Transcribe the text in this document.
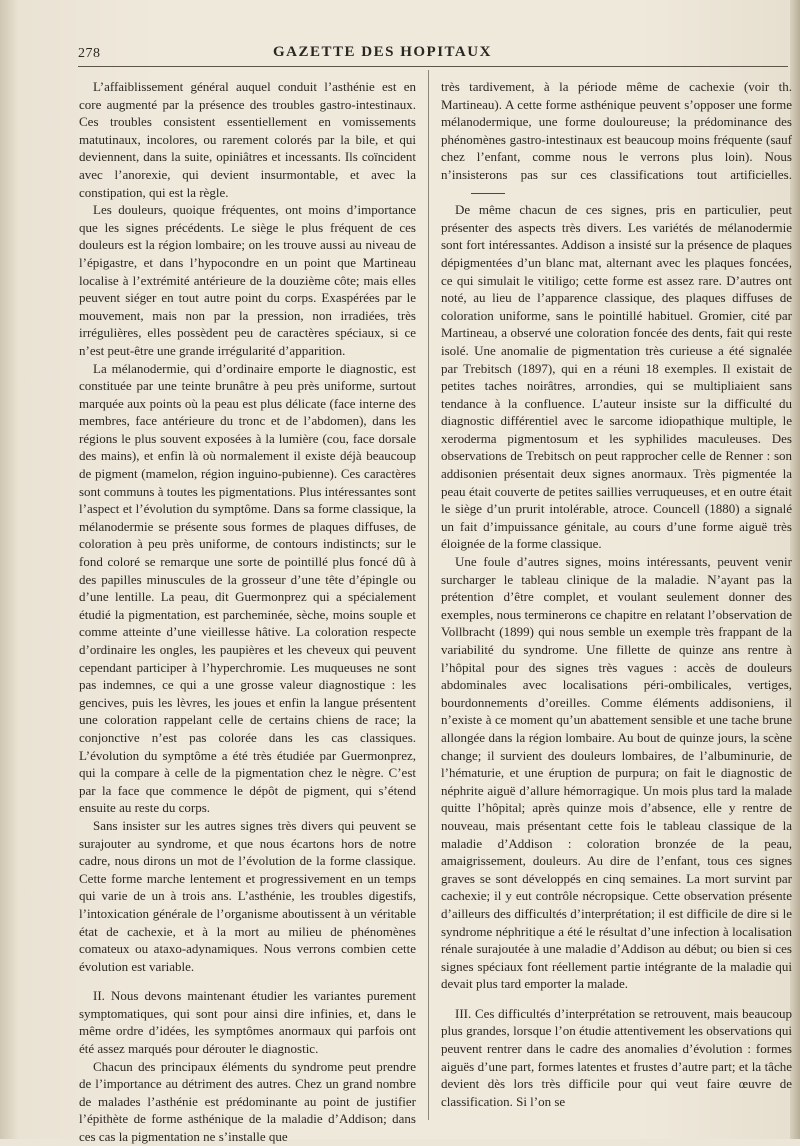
278	GAZETTE DES HOPITAUX

L’affaiblissement général auquel conduit l’asthénie est en core augmenté par la présence des troubles gastro-intestinaux. Ces troubles consistent essentiellement en vomissements matutinaux, incolores, ou rarement colorés par la bile, et qui deviennent, dans la suite, opiniâtres et incessants. Ils coïncident avec l’anorexie, qui devient insurmontable, et avec la constipation, qui est la règle.

Les douleurs, quoique fréquentes, ont moins d’importance que les signes précédents. Le siège le plus fréquent de ces douleurs est la région lombaire; on les trouve aussi au niveau de l’épigastre, et dans l’hypocondre en un point que Martineau localise à l’extrémité antérieure de la douzième côte; mais elles peuvent siéger en tout autre point du corps. Exaspérées par le mouvement, mais non par la pression, non irradiées, très irrégulières, elles possèdent peu de caractères spéciaux, si ce n’est peut-être une grande irrégularité d’apparition.

La mélanodermie, qui d’ordinaire emporte le diagnostic, est constituée par une teinte brunâtre à peu près uniforme, surtout marquée aux points où la peau est plus délicate (face interne des membres, face antérieure du tronc et de l’abdomen), dans les régions le plus souvent exposées à la lumière (cou, face dorsale des mains), et enfin là où normalement il existe déjà beaucoup de pigment (mamelon, région inguino-pubienne). Ces caractères sont communs à toutes les pigmentations. Plus intéressantes sont l’aspect et l’évolution du symptôme. Dans sa forme classique, la mélanodermie se présente sous formes de plaques diffuses, de coloration à peu près uniforme, de contours indistincts; sur le fond coloré se remarque une sorte de pointillé plus foncé dû à des papilles minuscules de la grosseur d’une tête d’épingle ou d’une lentille. La peau, dit Guermonprez qui a spécialement étudié la pigmentation, est parcheminée, sèche, moins souple et comme atteinte d’une vieillesse hâtive. La coloration respecte d’ordinaire les ongles, les paupières et les cheveux qui peuvent cependant participer à l’hyperchromie. Les muqueuses ne sont pas indemnes, ce qui a une grosse valeur diagnostique : les gencives, puis les lèvres, les joues et enfin la langue présentent une coloration rappelant celle de certains chiens de race; la conjonctive n’est pas colorée dans les cas classiques. L’évolution du symptôme a été très étudiée par Guermonprez, qui la compare à celle de la pigmentation chez le nègre. C’est par la face que commence le dépôt de pigment, qui s’étend ensuite au reste du corps.

Sans insister sur les autres signes très divers qui peuvent se surajouter au syndrome, et que nous écartons hors de notre cadre, nous dirons un mot de l’évolution de la forme classique. Cette forme marche lentement et progressivement en un temps qui varie de un à trois ans. L’asthénie, les troubles digestifs, l’intoxication générale de l’organisme aboutissent à un véritable état de cachexie, et à la mort au milieu de phénomènes comateux ou ataxo-adynamiques. Nous verrons combien cette évolution est variable.

II. Nous devons maintenant étudier les variantes purement symptomatiques, qui sont pour ainsi dire infinies, et, dans le même ordre d’idées, les symptômes anormaux qui parfois ont été assez marqués pour dérouter le diagnostic.

Chacun des principaux éléments du syndrome peut prendre de l’importance au détriment des autres. Chez un grand nombre de malades l’asthénie est prédominante au point de justifier l’épithète de forme asthénique de la maladie d’Addison; dans ces cas la pigmentation ne s’installe que

très tardivement, à la période même de cachexie (voir th. Martineau). A cette forme asthénique peuvent s’opposer une forme mélanodermique, une forme douloureuse; la prédominance des phénomènes gastro-intestinaux est beaucoup moins fréquente (sauf chez l’enfant, comme nous le verrons plus loin). Nous n’insisterons pas sur ces classifications tout artificielles.

De même chacun de ces signes, pris en particulier, peut présenter des aspects très divers. Les variétés de mélanodermie sont fort intéressantes. Addison a insisté sur la présence de plaques dépigmentées d’un blanc mat, alternant avec les plaques foncées, ce qui simulait le vitiligo; cette forme est assez rare. D’autres ont noté, au lieu de l’apparence classique, des plaques diffuses de coloration uniforme, sans le pointillé habituel. Gromier, cité par Martineau, a observé une coloration foncée des dents, fait qui reste isolé. Une anomalie de pigmentation très curieuse a été signalée par Trebitsch (1897), qui en a réuni 18 exemples. Il existait de petites taches noirâtres, arrondies, qui se multipliaient sans tendance à la confluence. L’auteur insiste sur la difficulté du diagnostic différentiel avec le sarcome idiopathique multiple, le xeroderma pigmentosum et les syphilides maculeuses. Des observations de Trebitsch on peut rapprocher celle de Renner : son addisonien présentait deux signes anormaux. Très pigmentée la peau était couverte de petites saillies verruqueuses, et en outre était le siège d’un prurit intolérable, atroce. Councell (1880) a signalé un fait d’impuissance génitale, au cours d’une forme aiguë très éloignée de la forme classique.

Une foule d’autres signes, moins intéressants, peuvent venir surcharger le tableau clinique de la maladie. N’ayant pas la prétention d’être complet, et voulant seulement donner des exemples, nous terminerons ce chapitre en relatant l’observation de Vollbracht (1899) qui nous semble un exemple très frappant de la variabilité du syndrome. Une fillette de quinze ans rentre à l’hôpital pour des signes très vagues : accès de douleurs abdominales avec localisations péri-ombilicales, vertiges, bourdonnements d’oreilles. Comme éléments addisoniens, il n’existe à ce moment qu’un abattement sensible et une tache brune allongée dans la région lombaire. Au bout de quinze jours, la scène change; il survient des douleurs lombaires, de l’albuminurie, de l’hématurie, et une éruption de purpura; on fait le diagnostic de néphrite aiguë d’allure hémorragique. Un mois plus tard la malade quitte l’hôpital; après quinze mois d’absence, elle y rentre de nouveau, mais présentant cette fois le tableau classique de la maladie d’Addison : coloration bronzée de la peau, amaigrissement, douleurs. Au dire de l’enfant, tous ces signes graves se sont développés en cinq semaines. La mort survint par cachexie; il y eut contrôle nécropsique. Cette observation présente d’ailleurs des difficultés d’interprétation; il est difficile de dire si le syndrome néphritique a été le résultat d’une infection à localisation rénale surajoutée à une maladie d’Addison au début; ou bien si ces signes spéciaux font réellement partie intégrante de la maladie qui devait plus tard emporter la malade.

III. Ces difficultés d’interprétation se retrouvent, mais beaucoup plus grandes, lorsque l’on étudie attentivement les observations qui peuvent rentrer dans le cadre des anomalies d’évolution : formes aiguës d’une part, formes latentes et frustes d’autre part; et la tâche devient dès lors très difficile pour qui veut faire œuvre de classification. Si l’on se
